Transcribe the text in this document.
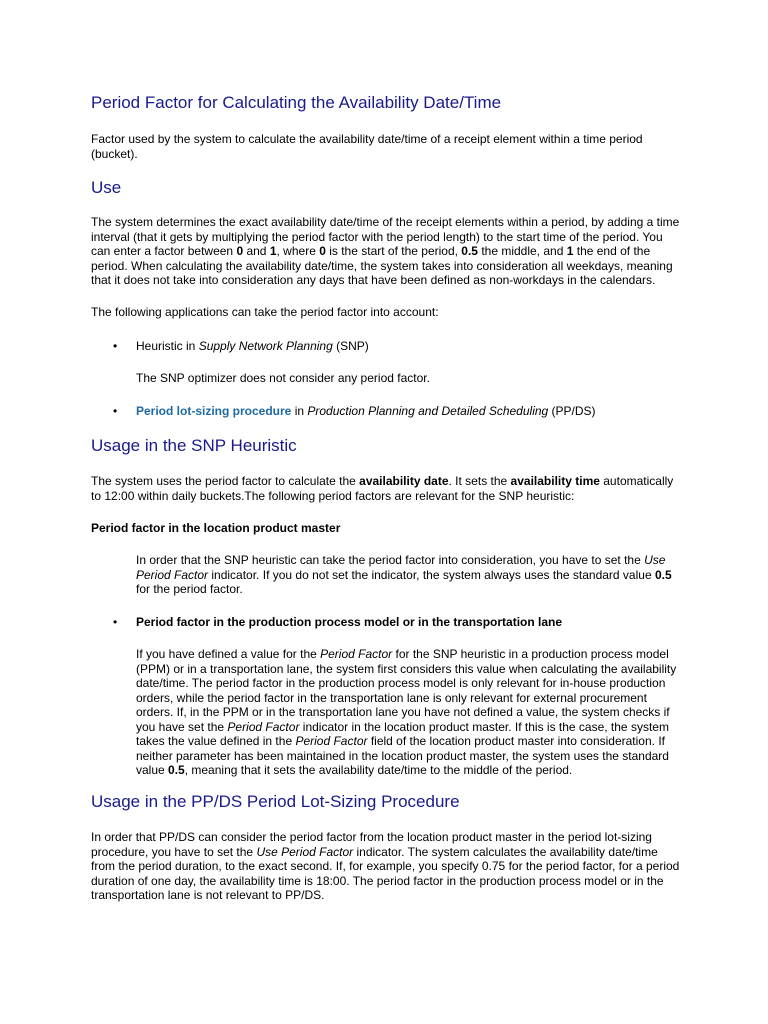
Period Factor for Calculating the Availability Date/Time
Factor used by the system to calculate the availability date/time of a receipt element within a time period
(bucket).
Use
The system determines the exact availability date/time of the receipt elements within a period, by adding a time
interval (that it gets by multiplying the period factor with the period length) to the start time of the period. You
can enter a factor between 0 and 1, where 0 is the start of the period, 0.5 the middle, and 1 the end of the
period. When calculating the availability date/time, the system takes into consideration all weekdays, meaning
that it does not take into consideration any days that have been defined as non-workdays in the calendars.
The following applications can take the period factor into account:
• Heuristic in Supply Network Planning (SNP)
The SNP optimizer does not consider any period factor.
• Period lot-sizing procedure in Production Planning and Detailed Scheduling (PP/DS)
Usage in the SNP Heuristic
The system uses the period factor to calculate the availability date. It sets the availability time automatically
to 12:00 within daily buckets.The following period factors are relevant for the SNP heuristic:
Period factor in the location product master
In order that the SNP heuristic can take the period factor into consideration, you have to set the Use
Period Factor indicator. If you do not set the indicator, the system always uses the standard value 0.5
for the period factor.
• Period factor in the production process model or in the transportation lane
If you have defined a value for the Period Factor for the SNP heuristic in a production process model
(PPM) or in a transportation lane, the system first considers this value when calculating the availability
date/time. The period factor in the production process model is only relevant for in-house production
orders, while the period factor in the transportation lane is only relevant for external procurement
orders. If, in the PPM or in the transportation lane you have not defined a value, the system checks if
you have set the Period Factor indicator in the location product master. If this is the case, the system
takes the value defined in the Period Factor field of the location product master into consideration. If
neither parameter has been maintained in the location product master, the system uses the standard
value 0.5, meaning that it sets the availability date/time to the middle of the period.
Usage in the PP/DS Period Lot-Sizing Procedure
In order that PP/DS can consider the period factor from the location product master in the period lot-sizing
procedure, you have to set the Use Period Factor indicator. The system calculates the availability date/time
from the period duration, to the exact second. If, for example, you specify 0.75 for the period factor, for a period
duration of one day, the availability time is 18:00. The period factor in the production process model or in the
transportation lane is not relevant to PP/DS.
